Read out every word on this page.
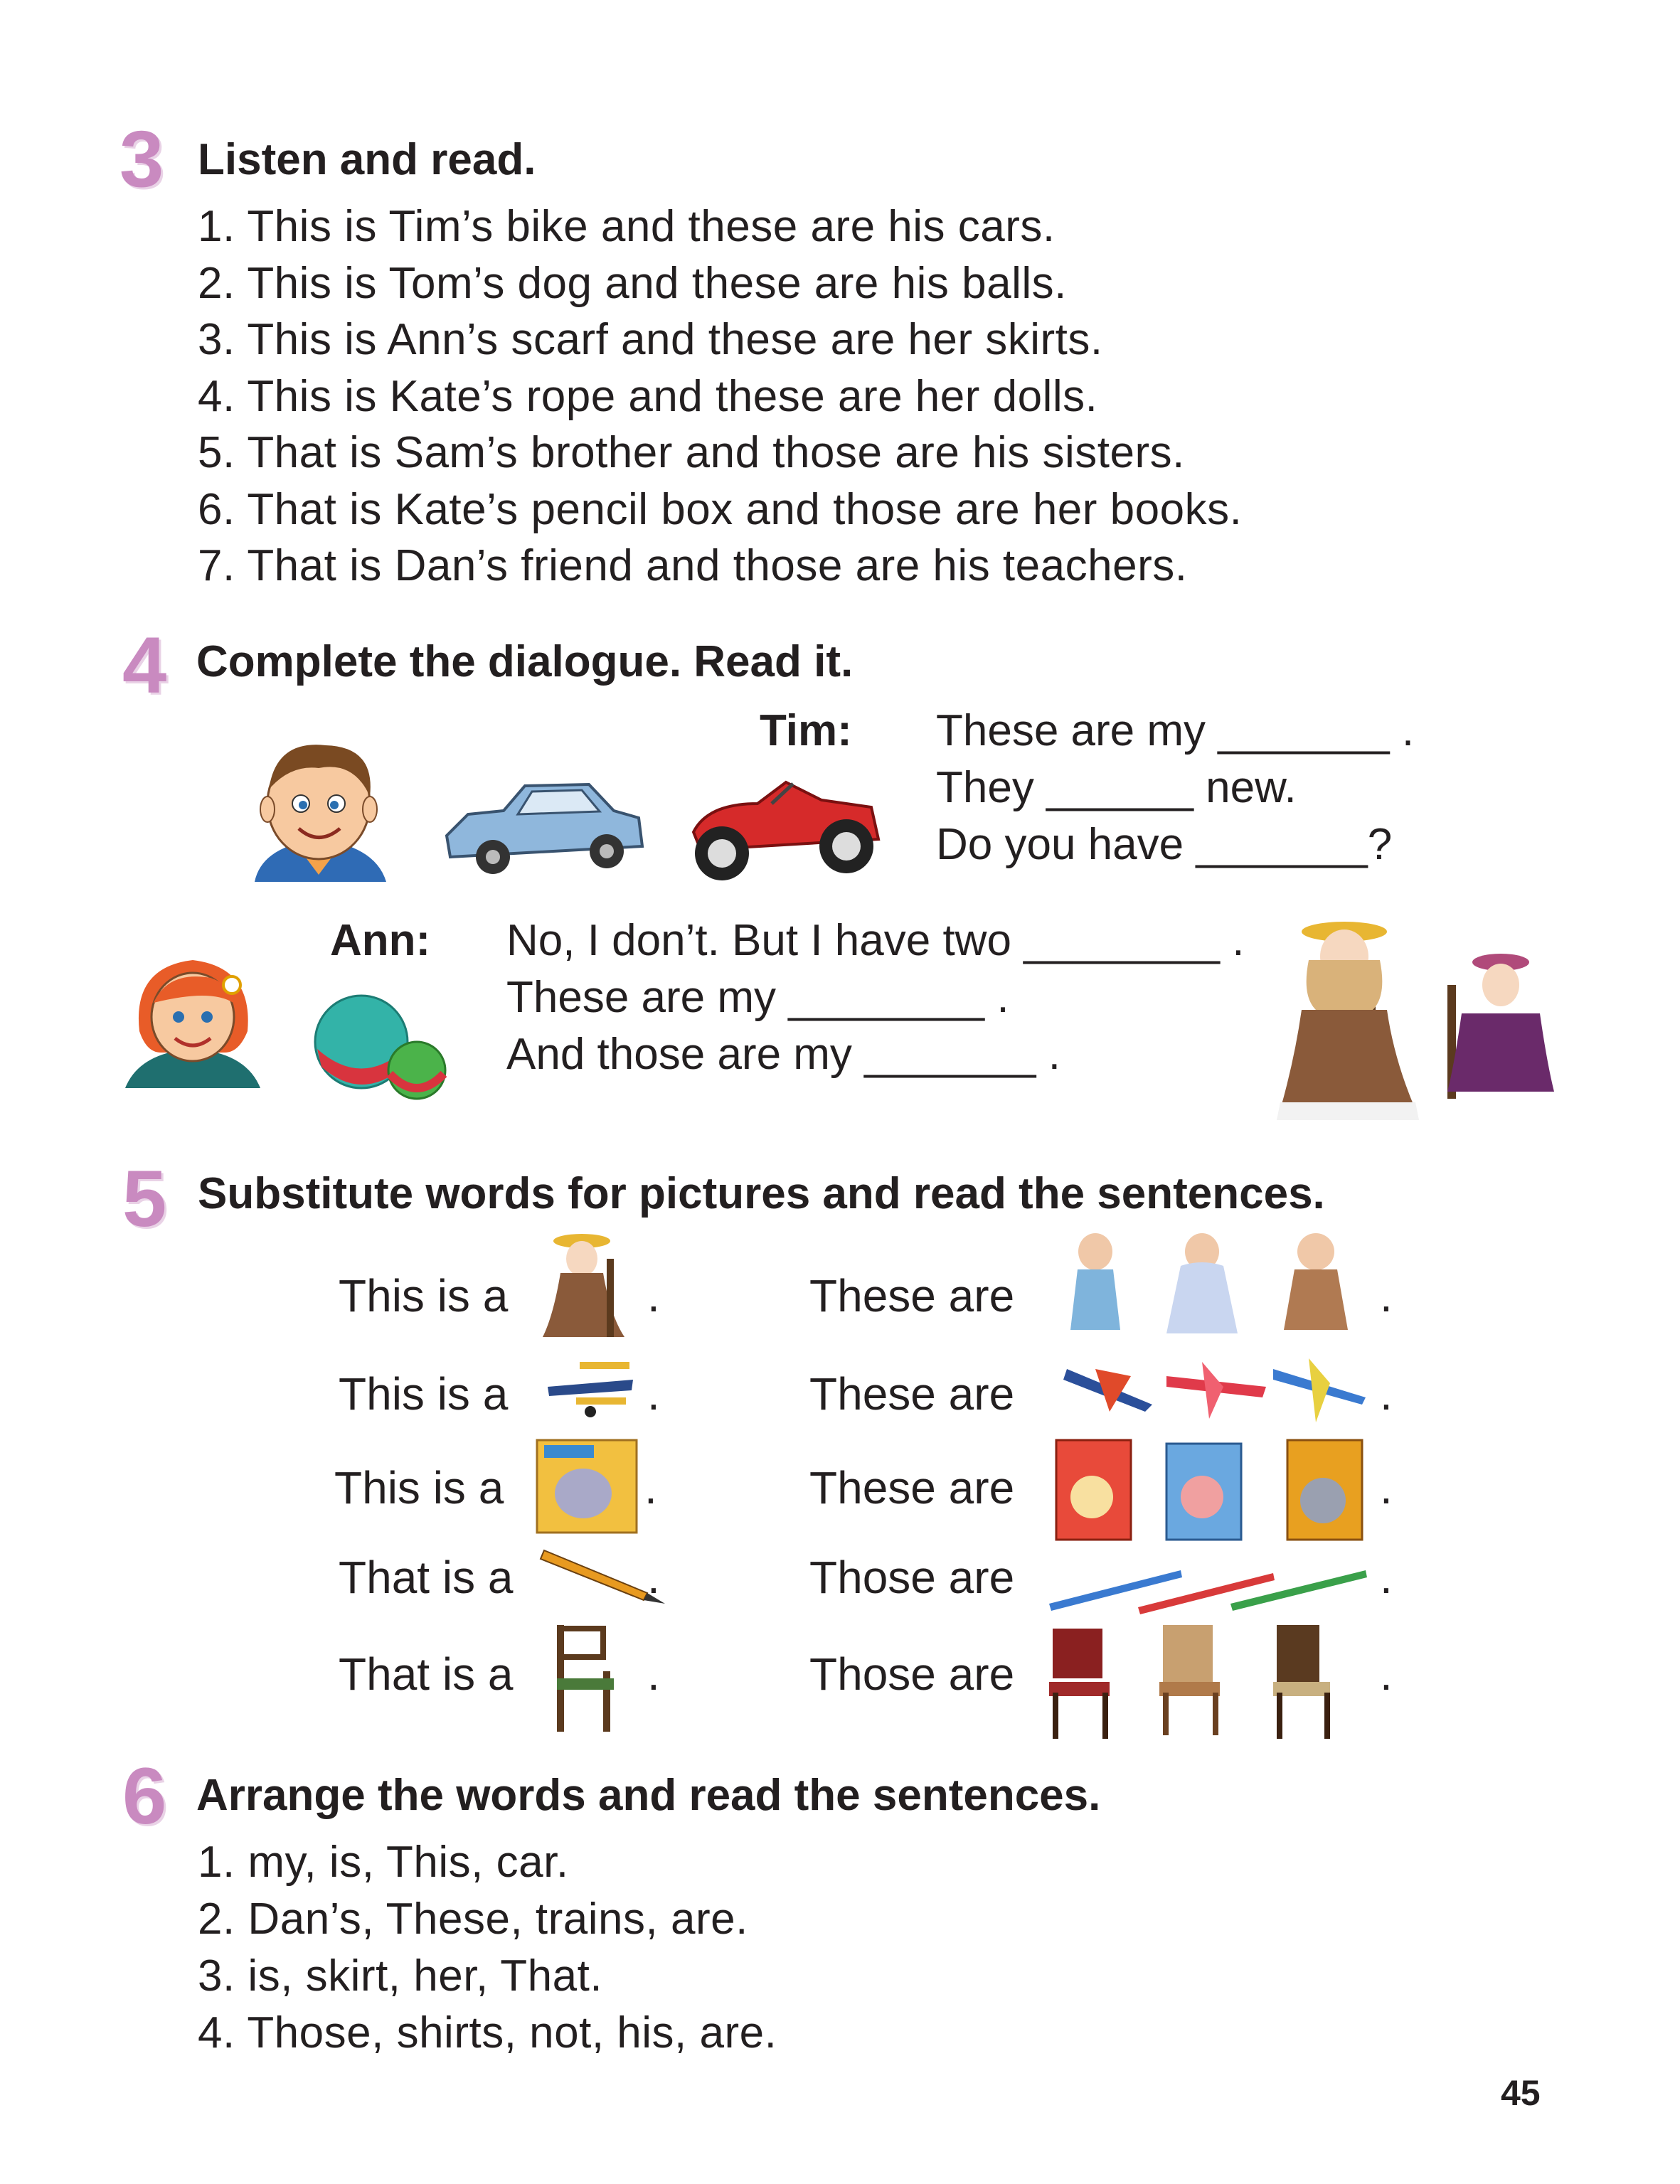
3 Listen and read.
1. This is Tim’s bike and these are his cars.
2. This is Tom’s dog and these are his balls.
3. This is Ann’s scarf and these are her skirts.
4. This is Kate’s rope and these are her dolls.
5. That is Sam’s brother and those are his sisters.
6. That is Kate’s pencil box and those are her books.
7. That is Dan’s friend and those are his teachers.
4 Complete the dialogue. Read it.
Tim: These are my _______ .
They ______ new.
Do you have _______?
Ann: No, I don’t. But I have two ________ .
These are my ________ .
And those are my _______ .
5 Substitute words for pictures and read the sentences.
This is a	.	These are	.
This is a	.	These are	.
This is a	.	These are	.
That is a	.	Those are	.
That is a	.	Those are	.
6 Arrange the words and read the sentences.
1. my, is, This, car.
2. Dan’s, These, trains, are.
3. is, skirt, her, That.
4. Those, shirts, not, his, are.
45
